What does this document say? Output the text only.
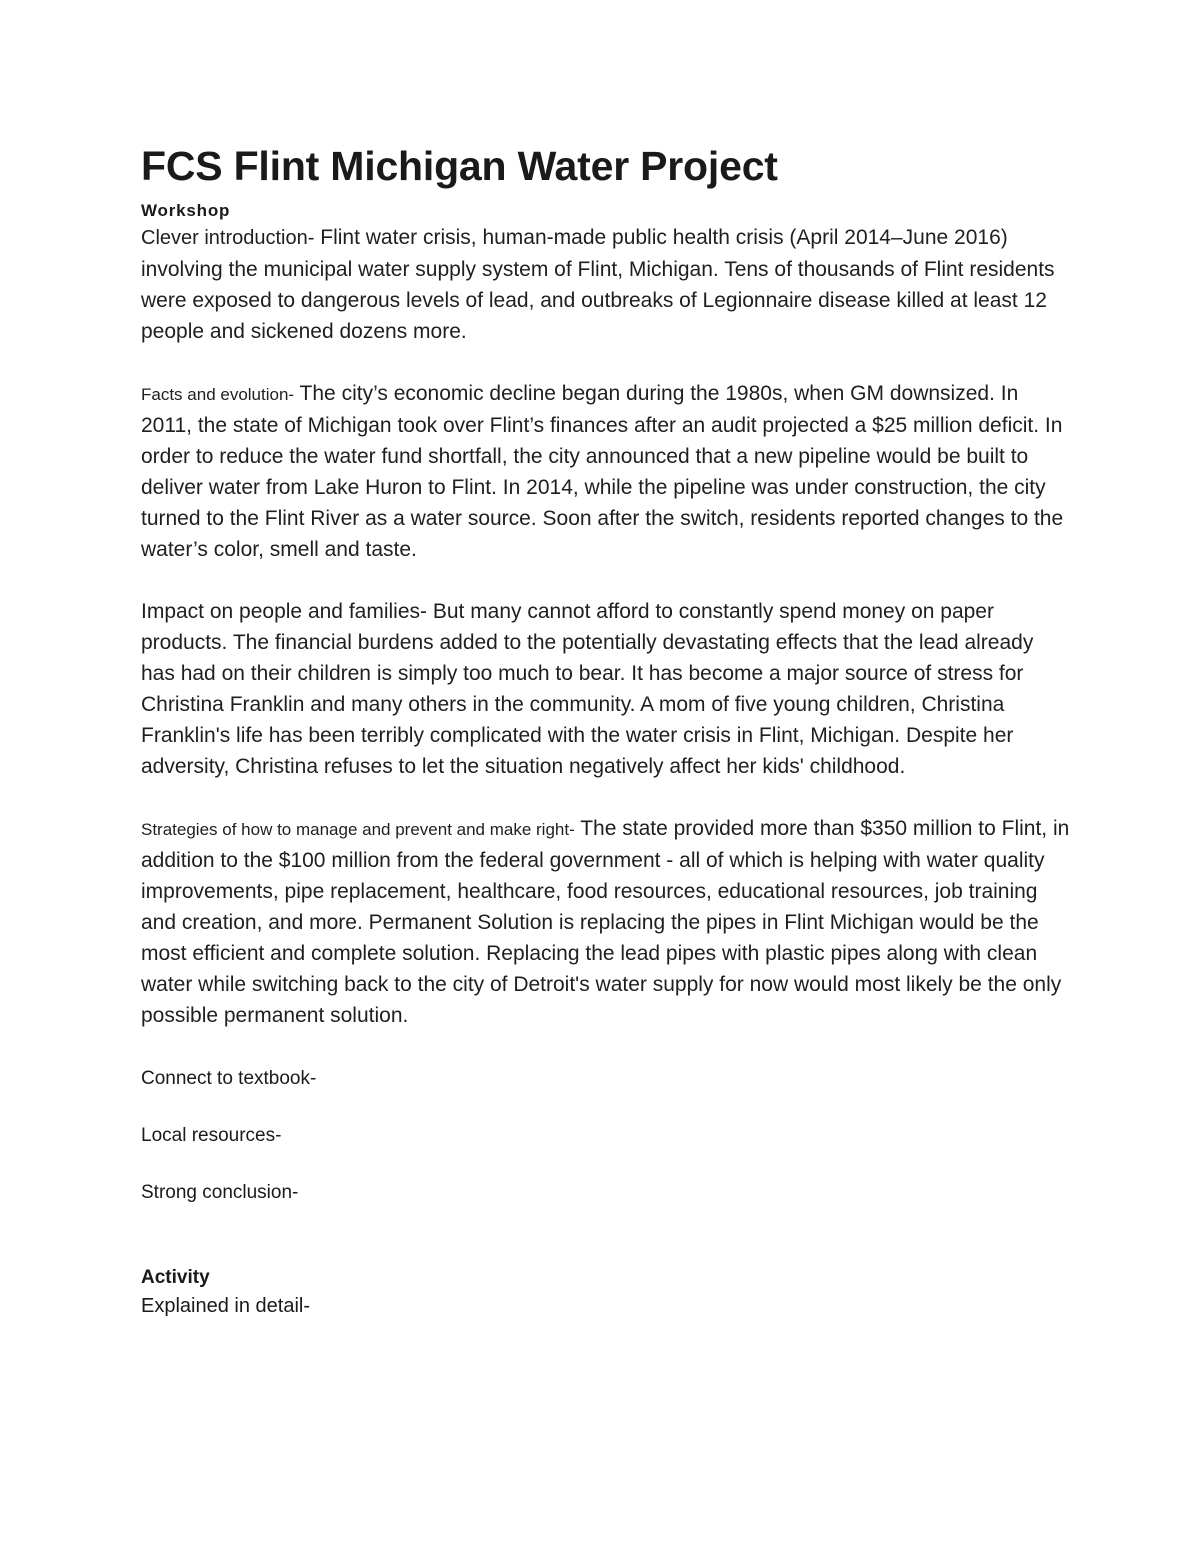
FCS Flint Michigan Water Project
Workshop

Clever introduction- Flint water crisis, human-made public health crisis (April 2014–June 2016) involving the municipal water supply system of Flint, Michigan. Tens of thousands of Flint residents were exposed to dangerous levels of lead, and outbreaks of Legionnaire disease killed at least 12 people and sickened dozens more.

Facts and evolution- The city’s economic decline began during the 1980s, when GM downsized. In 2011, the state of Michigan took over Flint’s finances after an audit projected a $25 million deficit. In order to reduce the water fund shortfall, the city announced that a new pipeline would be built to deliver water from Lake Huron to Flint. In 2014, while the pipeline was under construction, the city turned to the Flint River as a water source. Soon after the switch, residents reported changes to the water’s color, smell and taste.

Impact on people and families- But many cannot afford to constantly spend money on paper products. The financial burdens added to the potentially devastating effects that the lead already has had on their children is simply too much to bear. It has become a major source of stress for Christina Franklin and many others in the community. A mom of five young children, Christina Franklin's life has been terribly complicated with the water crisis in Flint, Michigan. Despite her adversity, Christina refuses to let the situation negatively affect her kids' childhood.

Strategies of how to manage and prevent and make right- The state provided more than $350 million to Flint, in addition to the $100 million from the federal government - all of which is helping with water quality improvements, pipe replacement, healthcare, food resources, educational resources, job training and creation, and more. Permanent Solution is replacing the pipes in Flint Michigan would be the most efficient and complete solution. Replacing the lead pipes with plastic pipes along with clean water while switching back to the city of Detroit's water supply for now would most likely be the only possible permanent solution.

Connect to textbook-

Local resources-

Strong conclusion-

Activity

Explained in detail-
